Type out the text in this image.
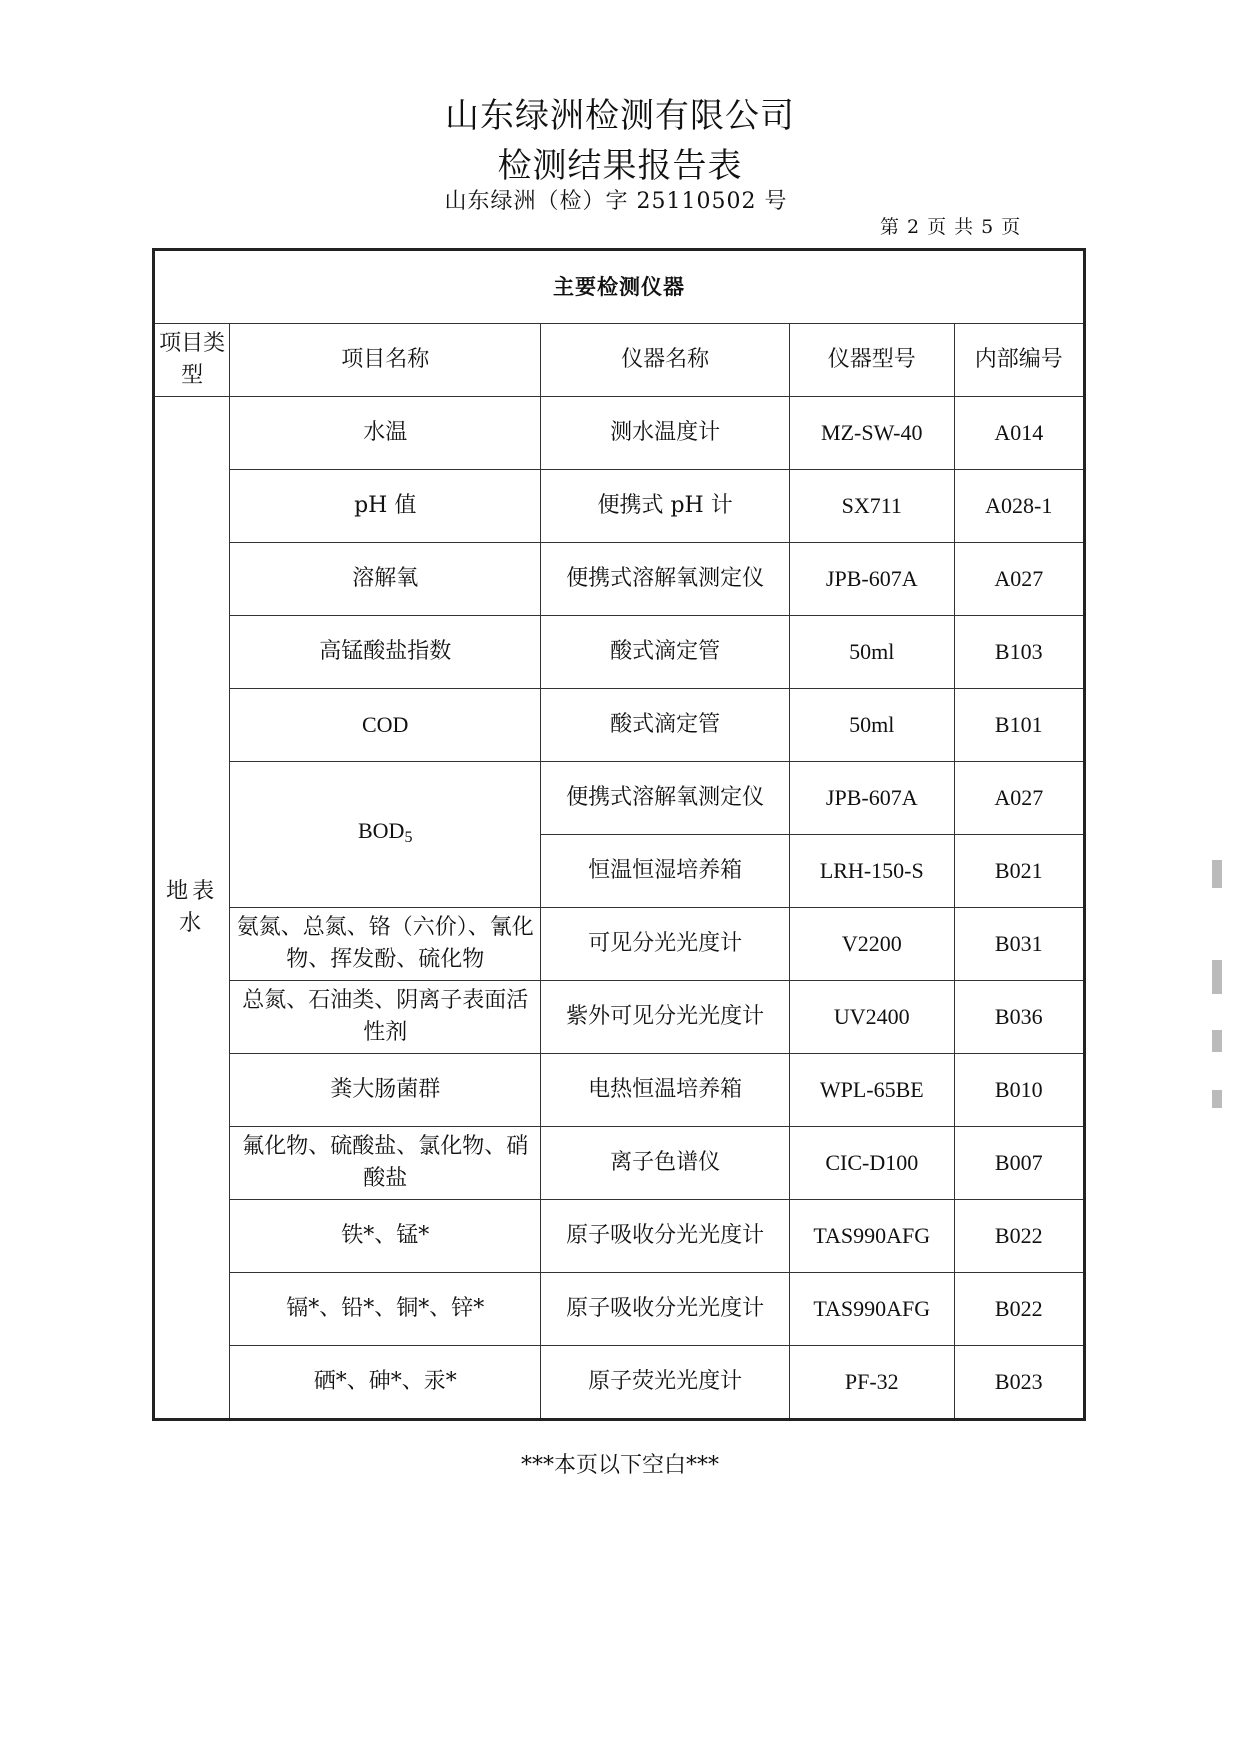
山东绿洲检测有限公司
检测结果报告表
山东绿洲（检）字 25110502 号
第 2 页 共 5 页
主要检测仪器				
项目类型	项目名称	仪器名称	仪器型号	内部编号
地表水	水温	测水温度计	MZ-SW-40	A014
	pH 值	便携式 pH 计	SX711	A028-1
	溶解氧	便携式溶解氧测定仪	JPB-607A	A027
	高锰酸盐指数	酸式滴定管	50ml	B103
	COD	酸式滴定管	50ml	B101
	$BOD_5$	便携式溶解氧测定仪	JPB-607A	A027
		恒温恒湿培养箱	LRH-150-S	B021
	氨氮、总氮、铬（六价）、氰化物、挥发酚、硫化物	可见分光光度计	V2200	B031
	总氮、石油类、阴离子表面活性剂	紫外可见分光光度计	UV2400	B036
	粪大肠菌群	电热恒温培养箱	WPL-65BE	B010
	氟化物、硫酸盐、氯化物、硝酸盐	离子色谱仪	CIC-D100	B007
	铁*、锰*	原子吸收分光光度计	TAS990AFG	B022
	镉*、铅*、铜*、锌*	原子吸收分光光度计	TAS990AFG	B022
	硒*、砷*、汞*	原子荧光光度计	PF-32	B023
***本页以下空白***
